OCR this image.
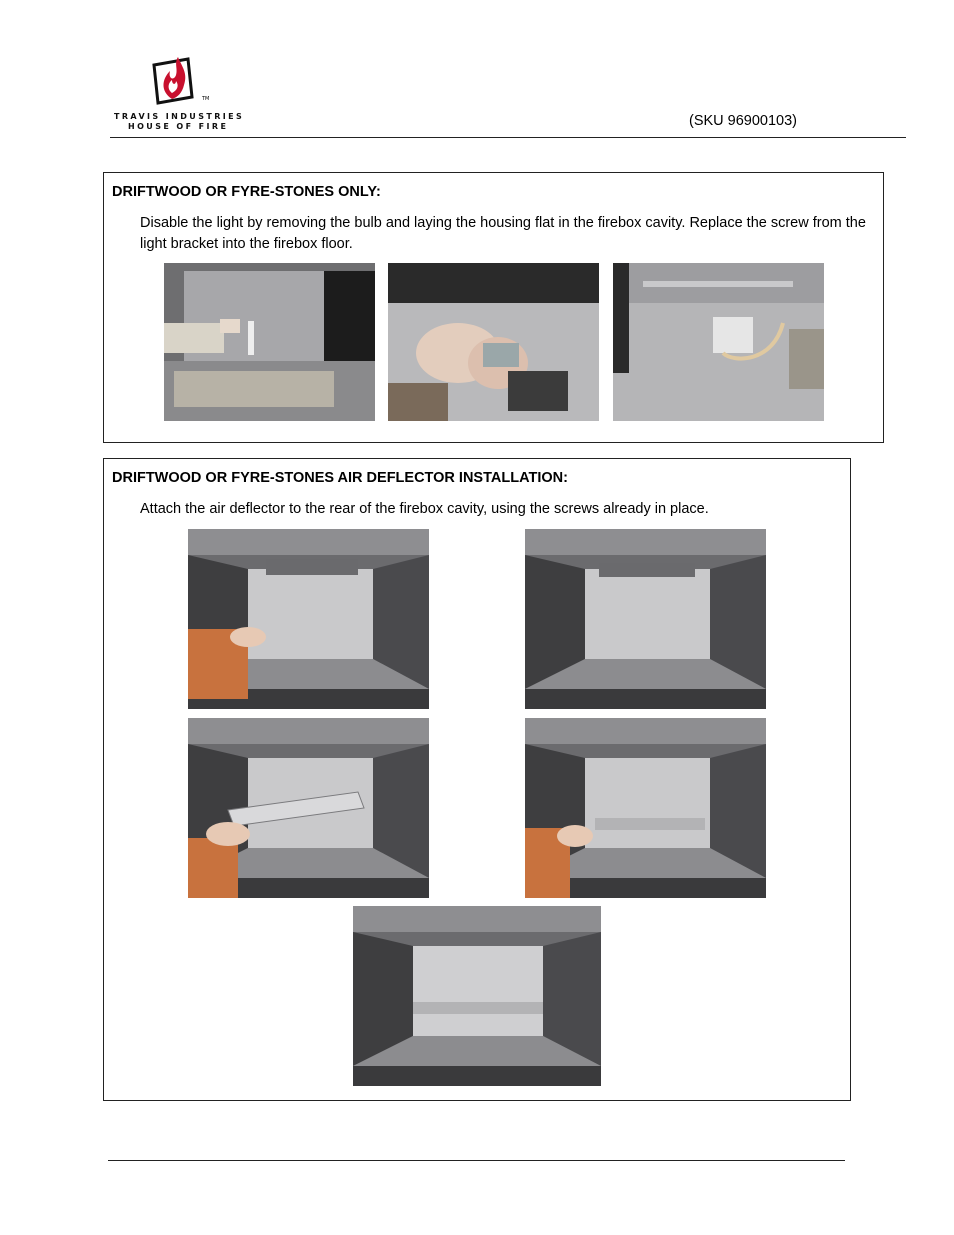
TM
TRAVIS INDUSTRIES
HOUSE OF FIRE	(SKU 96900103)
DRIFTWOOD OR FYRE-STONES ONLY:
Disable the light by removing the bulb and laying the housing flat in the firebox cavity. Replace the screw from the light bracket into the firebox floor.
DRIFTWOOD OR FYRE-STONES AIR DEFLECTOR INSTALLATION:
Attach the air deflector to the rear of the firebox cavity, using the screws already in place.
